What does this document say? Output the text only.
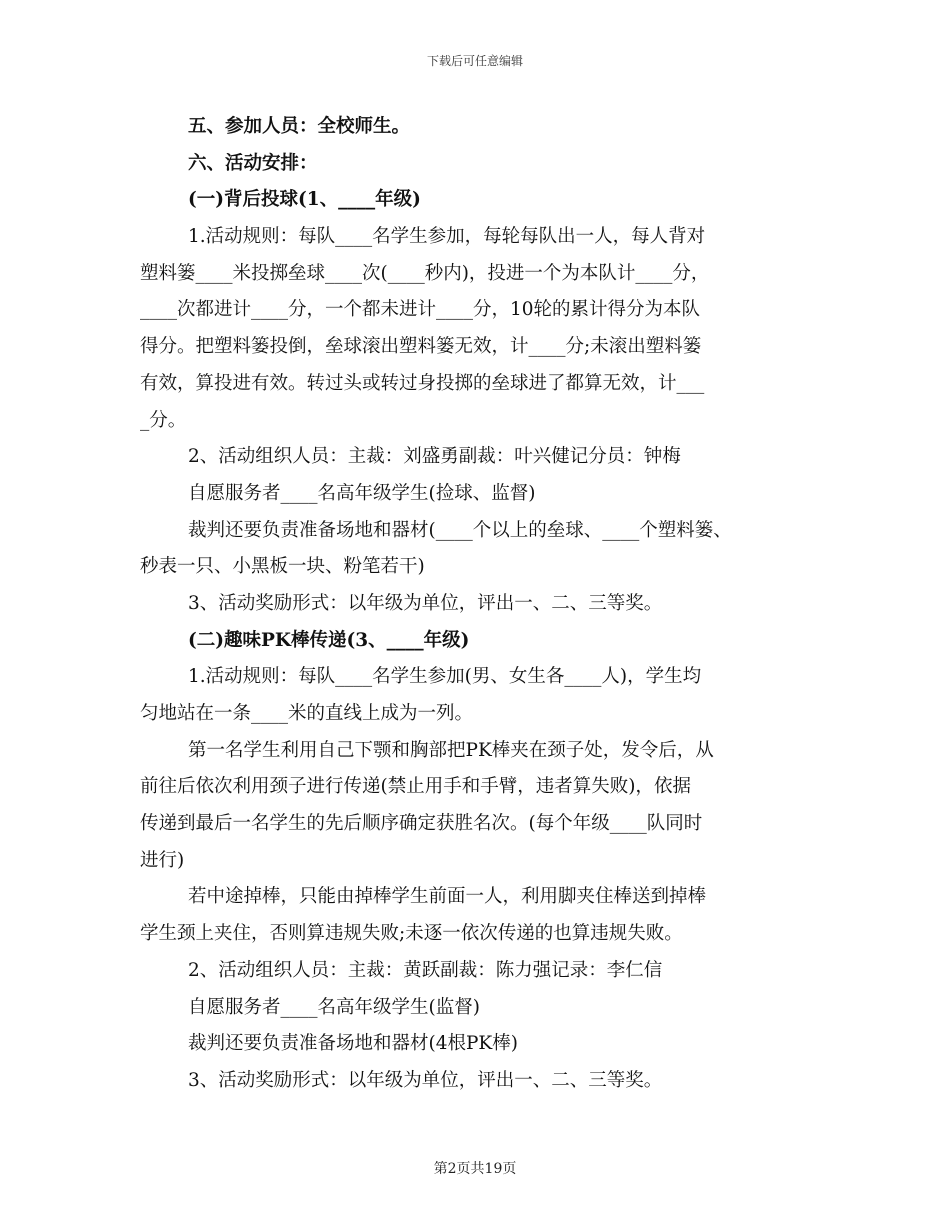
下载后可任意编辑
五、参加人员：全校师生。
六、活动安排：
(一)背后投球(1、____年级)
1.活动规则：每队____名学生参加，每轮每队出一人，每人背对
塑料篓____米投掷垒球____次(____秒内)，投进一个为本队计____分，
____次都进计____分，一个都未进计____分，10轮的累计得分为本队
得分。把塑料篓投倒，垒球滚出塑料篓无效，计____分;未滚出塑料篓
有效，算投进有效。转过头或转过身投掷的垒球进了都算无效，计___
_分。
2、活动组织人员：主裁：刘盛勇副裁：叶兴健记分员：钟梅
自愿服务者____名高年级学生(捡球、监督)
裁判还要负责准备场地和器材(____个以上的垒球、____个塑料篓、
秒表一只、小黑板一块、粉笔若干)
3、活动奖励形式：以年级为单位，评出一、二、三等奖。
(二)趣味PK棒传递(3、____年级)
1.活动规则：每队____名学生参加(男、女生各____人)，学生均
匀地站在一条____米的直线上成为一列。
第一名学生利用自己下颚和胸部把PK棒夹在颈子处，发令后，从
前往后依次利用颈子进行传递(禁止用手和手臂，违者算失败)，依据
传递到最后一名学生的先后顺序确定获胜名次。(每个年级____队同时
进行)
若中途掉棒，只能由掉棒学生前面一人，利用脚夹住棒送到掉棒
学生颈上夹住，否则算违规失败;未逐一依次传递的也算违规失败。
2、活动组织人员：主裁：黄跃副裁：陈力强记录：李仁信
自愿服务者____名高年级学生(监督)
裁判还要负责准备场地和器材(4根PK棒)
3、活动奖励形式：以年级为单位，评出一、二、三等奖。
第2页共19页
